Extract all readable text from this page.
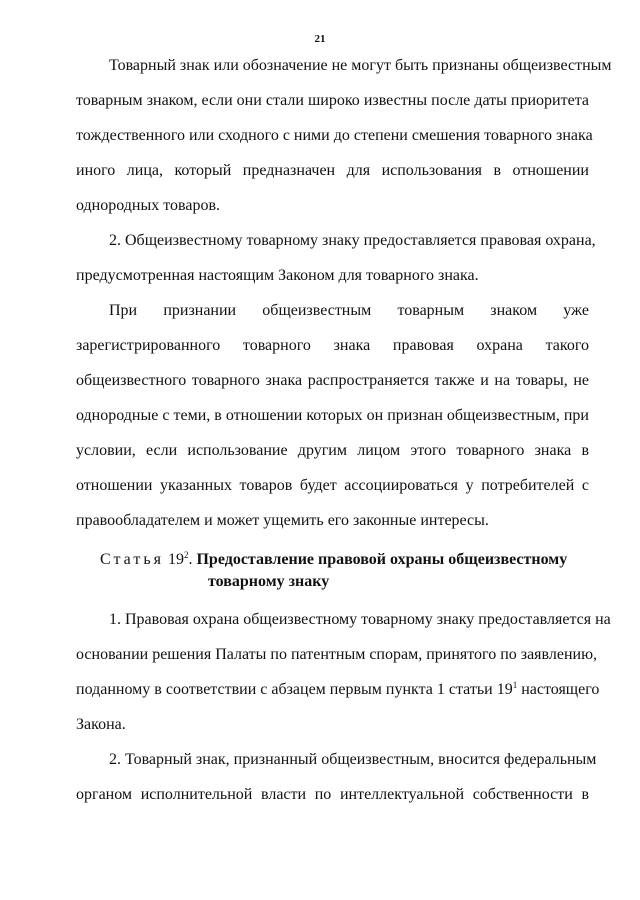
21
Товарный знак или обозначение не могут быть признаны общеизвестным
товарным знаком, если они стали широко известны после даты приоритета
тождественного или сходного с ними до степени смешения товарного знака
иного лица, который предназначен для использования в отношении
однородных товаров.
2. Общеизвестному товарному знаку предоставляется правовая охрана,
предусмотренная настоящим Законом для товарного знака.
При признании общеизвестным товарным знаком уже
зарегистрированного товарного знака правовая охрана такого
общеизвестного товарного знака распространяется также и на товары, не
однородные с теми, в отношении которых он признан общеизвестным, при
условии, если использование другим лицом этого товарного знака в
отношении указанных товаров будет ассоциироваться у потребителей с
правообладателем и может ущемить его законные интересы.
Статья $19^2$. Предоставление правовой охраны общеизвестному
товарному знаку
1. Правовая охрана общеизвестному товарному знаку предоставляется на
основании решения Палаты по патентным спорам, принятого по заявлению,
поданному в соответствии с абзацем первым пункта 1 статьи $19^1$ настоящего
Закона.
2. Товарный знак, признанный общеизвестным, вносится федеральным
органом исполнительной власти по интеллектуальной собственности в
